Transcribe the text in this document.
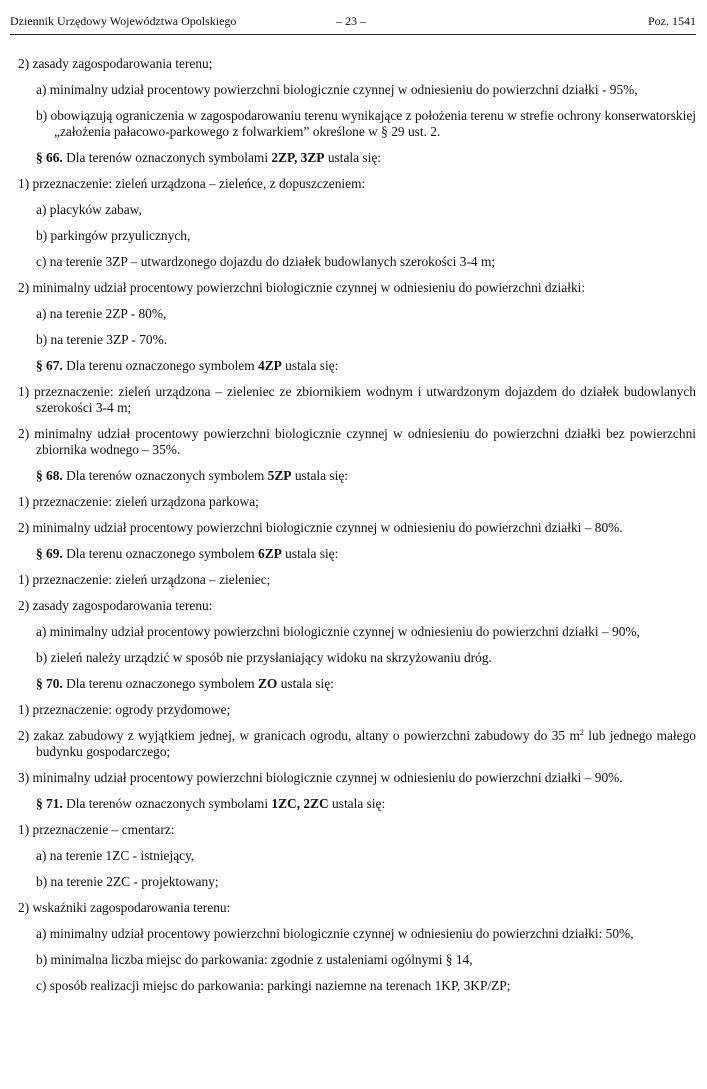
Dziennik Urzędowy Województwa Opolskiego	– 23 –	Poz. 1541

2) zasady zagospodarowania terenu;

a) minimalny udział procentowy powierzchni biologicznie czynnej w odniesieniu do powierzchni działki - 95%,

b) obowiązują ograniczenia w zagospodarowaniu terenu wynikające z położenia terenu w strefie ochrony konserwatorskiej „założenia pałacowo-parkowego z folwarkiem” określone w § 29 ust. 2.

§ 66. Dla terenów oznaczonych symbolami 2ZP, 3ZP ustala się:

1) przeznaczenie: zieleń urządzona – zieleńce, z dopuszczeniem:

a) placyków zabaw,

b) parkingów przyulicznych,

c) na terenie 3ZP – utwardzonego dojazdu do działek budowlanych szerokości 3-4 m;

2) minimalny udział procentowy powierzchni biologicznie czynnej w odniesieniu do powierzchni działki:

a) na terenie 2ZP - 80%,

b) na terenie 3ZP - 70%.

§ 67. Dla terenu oznaczonego symbolem 4ZP ustala się:

1) przeznaczenie: zieleń urządzona – zieleniec ze zbiornikiem wodnym i utwardzonym dojazdem do działek budowlanych szerokości 3-4 m;

2) minimalny udział procentowy powierzchni biologicznie czynnej w odniesieniu do powierzchni działki bez powierzchni zbiornika wodnego – 35%.

§ 68. Dla terenów oznaczonych symbolem 5ZP ustala się:

1) przeznaczenie: zieleń urządzona parkowa;

2) minimalny udział procentowy powierzchni biologicznie czynnej w odniesieniu do powierzchni działki – 80%.

§ 69. Dla terenu oznaczonego symbolem 6ZP ustala się:

1) przeznaczenie: zieleń urządzona – zieleniec;

2) zasady zagospodarowania terenu:

a) minimalny udział procentowy powierzchni biologicznie czynnej w odniesieniu do powierzchni działki – 90%,

b) zieleń należy urządzić w sposób nie przysłaniający widoku na skrzyżowaniu dróg.

§ 70. Dla terenu oznaczonego symbolem ZO ustala się:

1) przeznaczenie: ogrody przydomowe;

2) zakaz zabudowy z wyjątkiem jednej, w granicach ogrodu, altany o powierzchni zabudowy do 35 $m^2$ lub jednego małego budynku gospodarczego;

3) minimalny udział procentowy powierzchni biologicznie czynnej w odniesieniu do powierzchni działki – 90%.

§ 71. Dla terenów oznaczonych symbolami 1ZC, 2ZC ustala się:

1) przeznaczenie – cmentarz:

a) na terenie 1ZC - istniejący,

b) na terenie 2ZC - projektowany;

2) wskaźniki zagospodarowania terenu:

a) minimalny udział procentowy powierzchni biologicznie czynnej w odniesieniu do powierzchni działki: 50%,

b) minimalna liczba miejsc do parkowania: zgodnie z ustaleniami ogólnymi § 14,

c) sposób realizacji miejsc do parkowania: parkingi naziemne na terenach 1KP, 3KP/ZP;
